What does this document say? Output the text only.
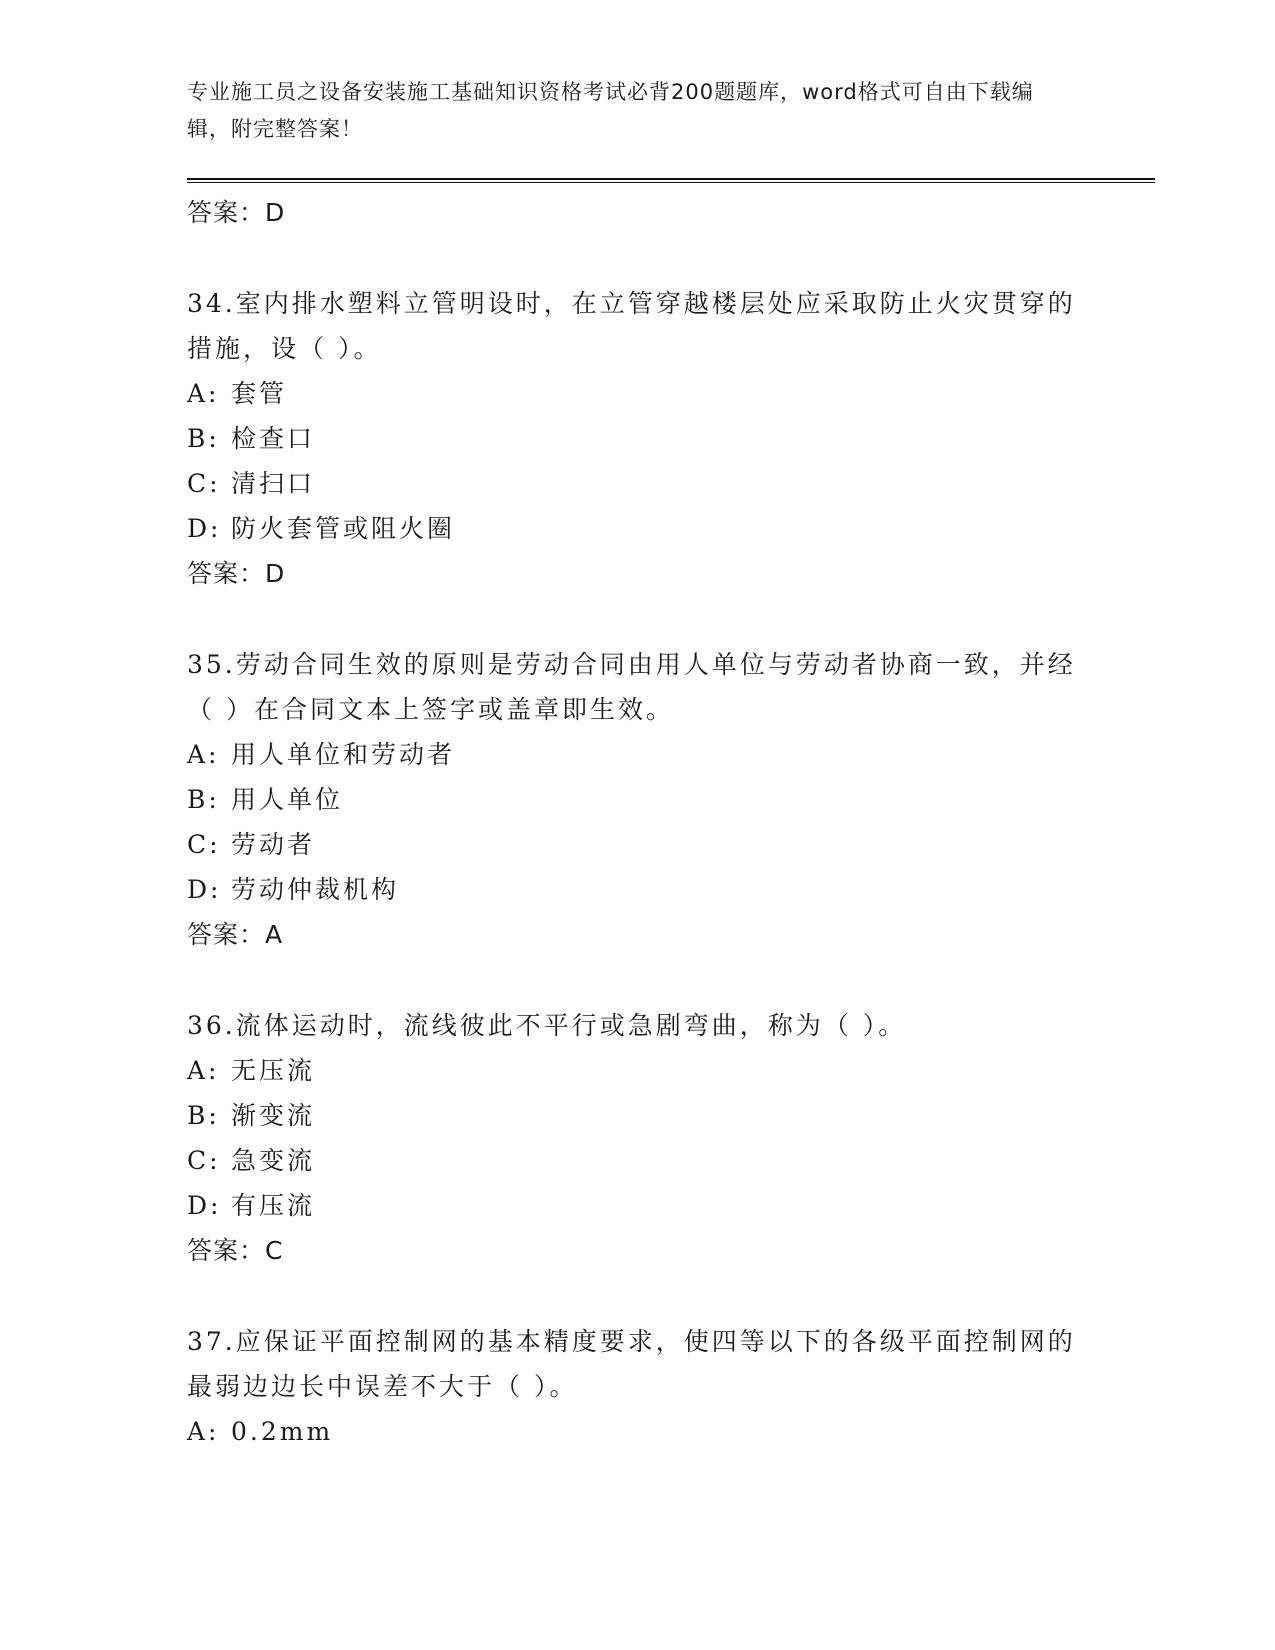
专业施工员之设备安装施工基础知识资格考试必背200题题库，word格式可自由下载编辑，附完整答案！
答案：D
34.室内排水塑料立管明设时，在立管穿越楼层处应采取防止火灾贯穿的措施，设（ ）。
A: 套管
B: 检查口
C: 清扫口
D: 防火套管或阻火圈
答案：D
35.劳动合同生效的原则是劳动合同由用人单位与劳动者协商一致，并经（ ）在合同文本上签字或盖章即生效。
A: 用人单位和劳动者
B: 用人单位
C: 劳动者
D: 劳动仲裁机构
答案：A
36.流体运动时，流线彼此不平行或急剧弯曲，称为（ ）。
A: 无压流
B: 渐变流
C: 急变流
D: 有压流
答案：C
37.应保证平面控制网的基本精度要求，使四等以下的各级平面控制网的最弱边边长中误差不大于（ ）。
A: 0.2mm
